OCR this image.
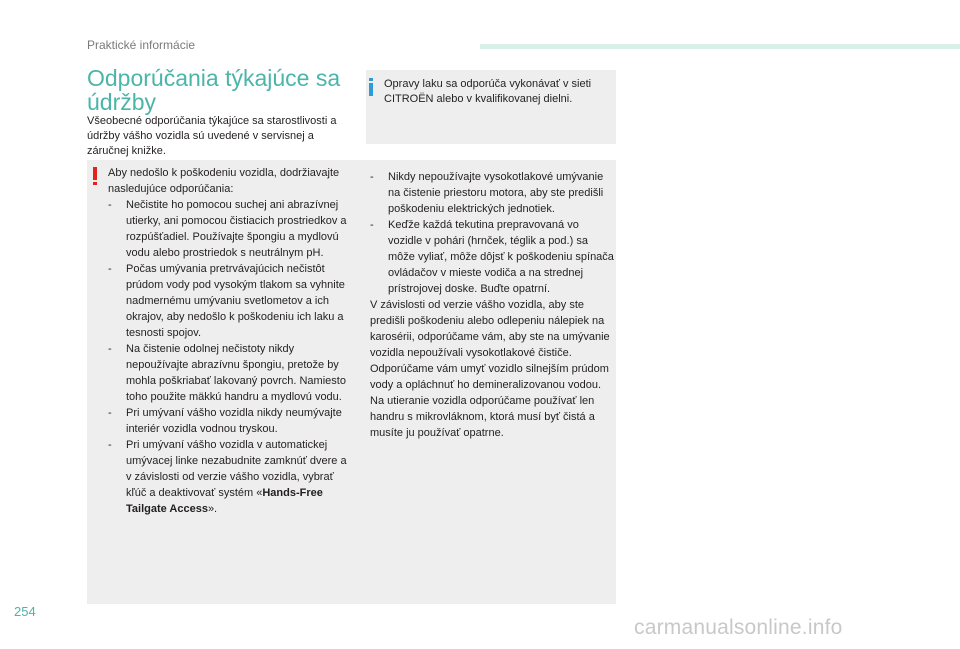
Praktické informácie
Odporúčania týkajúce sa údržby
Všeobecné odporúčania týkajúce sa starostlivosti a údržby vášho vozidla sú uvedené v servisnej a záručnej knižke.
Opravy laku sa odporúča vykonávať v sieti CITROËN alebo v kvalifikovanej dielni.

Aby nedošlo k poškodeniu vozidla, dodržiavajte nasledujúce odporúčania:

- Nečistite ho pomocou suchej ani abrazívnej utierky, ani pomocou čistiacich prostriedkov a rozpúšťadiel. Používajte špongiu a mydlovú vodu alebo prostriedok s neutrálnym pH.
- Počas umývania pretrvávajúcich nečistôt prúdom vody pod vysokým tlakom sa vyhnite nadmernému umývaniu svetlometov a ich okrajov, aby nedošlo k poškodeniu ich laku a tesnosti spojov.
- Na čistenie odolnej nečistoty nikdy nepoužívajte abrazívnu špongiu, pretože by mohla poškriabať lakovaný povrch. Namiesto toho použite mäkkú handru a mydlovú vodu.
- Pri umývaní vášho vozidla nikdy neumývajte interiér vozidla vodnou tryskou.
- Pri umývaní vášho vozidla v automatickej umývacej linke nezabudnite zamknúť dvere a v závislosti od verzie vášho vozidla, vybrať kľúč a deaktivovať systém «Hands-Free Tailgate Access».
- Nikdy nepoužívajte vysokotlakové umývanie na čistenie priestoru motora, aby ste predišli poškodeniu elektrických jednotiek.
- Keďže každá tekutina prepravovaná vo vozidle v pohári (hrnček, téglik a pod.) sa môže vyliať, môže dôjsť k poškodeniu spínača ovládačov v mieste vodiča a na strednej prístrojovej doske. Buďte opatrní.

V závislosti od verzie vášho vozidla, aby ste predišli poškodeniu alebo odlepeniu nálepiek na karosérii, odporúčame vám, aby ste na umývanie vozidla nepoužívali vysokotlakové čističe. Odporúčame vám umyť vozidlo silnejším prúdom vody a opláchnuť ho demineralizovanou vodou.

Na utieranie vozidla odporúčame používať len handru s mikrovláknom, ktorá musí byť čistá a musíte ju používať opatrne.

254
carmanualsonline.info
